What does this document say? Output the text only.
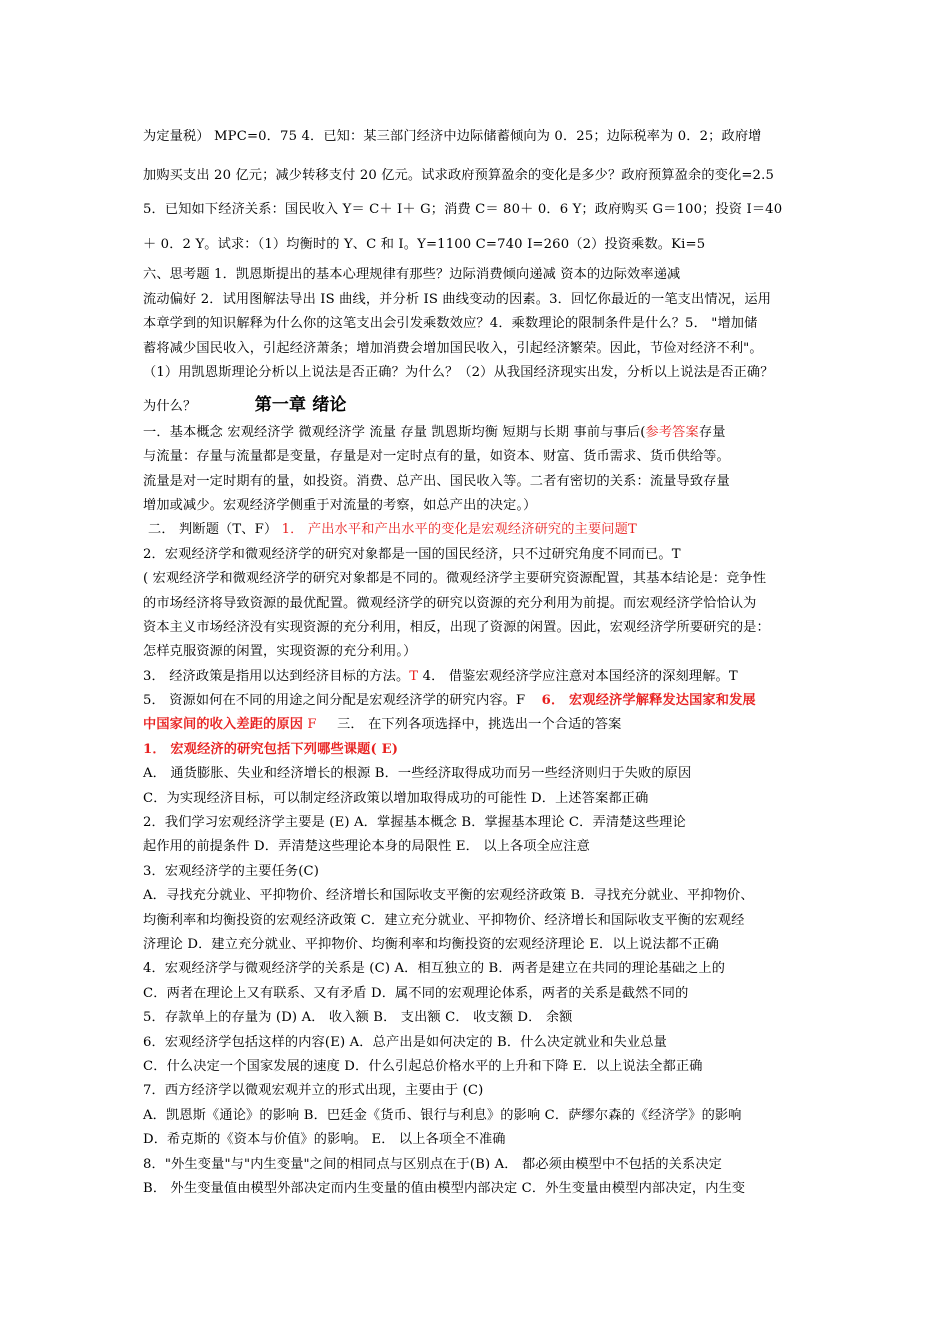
为定量税） MPC=0．75 4．已知：某三部门经济中边际储蓄倾向为 0．25；边际税率为 0．2；政府增
加购买支出 20 亿元；减少转移支付 20 亿元。试求政府预算盈余的变化是多少？政府预算盈余的变化=2.5
5．已知如下经济关系：国民收入 Y＝ C＋ I＋ G；消费 C＝ 80＋ 0．6 Y；政府购买 G＝100；投资 I＝40
＋ 0．2 Y。试求：（1）均衡时的 Y、C 和 I。Y=1100 C=740 I=260（2）投资乘数。Ki=5
六、思考题 1．凯恩斯提出的基本心理规律有那些？边际消费倾向递减 资本的边际效率递减
流动偏好 2．试用图解法导出 IS 曲线，并分析 IS 曲线变动的因素。3．回忆你最近的一笔支出情况，运用
本章学到的知识解释为什么你的这笔支出会引发乘数效应？4．乘数理论的限制条件是什么？5． "增加储
蓄将减少国民收入，引起经济萧条；增加消费会增加国民收入，引起经济繁荣。因此，节俭对经济不利"。
（1）用凯恩斯理论分析以上说法是否正确？为什么？（2）从我国经济现实出发，分析以上说法是否正确？
为什么？	第一章 绪论
一．基本概念 宏观经济学 微观经济学 流量 存量 凯恩斯均衡 短期与长期 事前与事后(参考答案存量
与流量：存量与流量都是变量，存量是对一定时点有的量，如资本、财富、货币需求、货币供给等。
流量是对一定时期有的量，如投资。消费、总产出、国民收入等。二者有密切的关系：流量导致存量
增加或减少。宏观经济学侧重于对流量的考察，如总产出的决定。）
二． 判断题（T、F） 1． 产出水平和产出水平的变化是宏观经济研究的主要问题T
2．宏观经济学和微观经济学的研究对象都是一国的国民经济，只不过研究角度不同而已。T
( 宏观经济学和微观经济学的研究对象都是不同的。微观经济学主要研究资源配置，其基本结论是：竞争性
的市场经济将导致资源的最优配置。微观经济学的研究以资源的充分利用为前提。而宏观经济学恰恰认为
资本主义市场经济没有实现资源的充分利用，相反，出现了资源的闲置。因此，宏观经济学所要研究的是：
怎样克服资源的闲置，实现资源的充分利用。）
3． 经济政策是指用以达到经济目标的方法。T 4． 借鉴宏观经济学应注意对本国经济的深刻理解。T
5． 资源如何在不同的用途之间分配是宏观经济学的研究内容。F 6． 宏观经济学解释发达国家和发展
中国家间的收入差距的原因 F 三． 在下列各项选择中，挑选出一个合适的答案
1． 宏观经济的研究包括下列哪些课题( E)
A． 通货膨胀、失业和经济增长的根源 B．一些经济取得成功而另一些经济则归于失败的原因
C．为实现经济目标，可以制定经济政策以增加取得成功的可能性 D．上述答案都正确
2．我们学习宏观经济学主要是 (E) A．掌握基本概念 B．掌握基本理论 C．弄清楚这些理论
起作用的前提条件 D．弄清楚这些理论本身的局限性 E． 以上各项全应注意
3．宏观经济学的主要任务(C)
A．寻找充分就业、平抑物价、经济增长和国际收支平衡的宏观经济政策 B．寻找充分就业、平抑物价、
均衡利率和均衡投资的宏观经济政策 C．建立充分就业、平抑物价、经济增长和国际收支平衡的宏观经
济理论 D．建立充分就业、平抑物价、均衡利率和均衡投资的宏观经济理论 E．以上说法都不正确
4．宏观经济学与微观经济学的关系是 (C) A．相互独立的 B．两者是建立在共同的理论基础之上的
C．两者在理论上又有联系、又有矛盾 D．属不同的宏观理论体系，两者的关系是截然不同的
5．存款单上的存量为 (D) A． 收入额 B． 支出额 C． 收支额 D． 余额
6．宏观经济学包括这样的内容(E) A．总产出是如何决定的 B．什么决定就业和失业总量
C．什么决定一个国家发展的速度 D．什么引起总价格水平的上升和下降 E．以上说法全都正确
7．西方经济学以微观宏观并立的形式出现，主要由于 (C)
A．凯恩斯《通论》的影响 B．巴廷金《货币、银行与利息》的影响 C．萨缪尔森的《经济学》的影响
D．希克斯的《资本与价值》的影响。 E． 以上各项全不准确
8．"外生变量"与"内生变量"之间的相同点与区别点在于(B) A． 都必须由模型中不包括的关系决定
B． 外生变量值由模型外部决定而内生变量的值由模型内部决定 C．外生变量由模型内部决定，内生变
